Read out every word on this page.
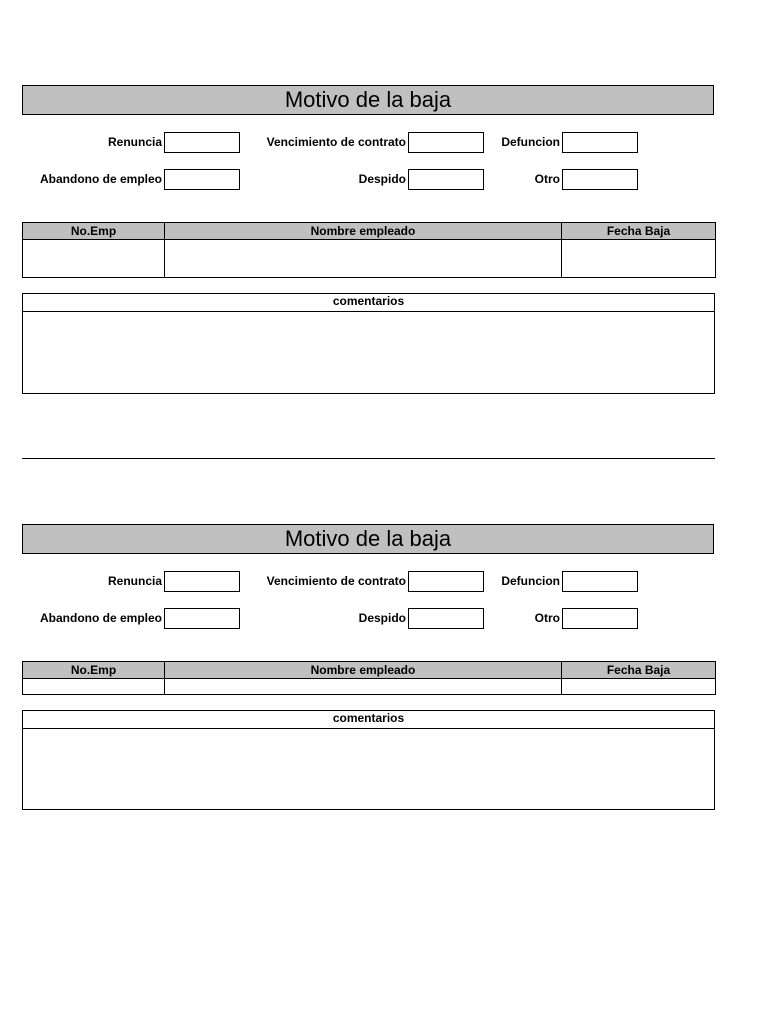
Motivo de la baja
Renuncia	Vencimiento de contrato	Defuncion
Abandono de empleo	Despido	Otro
No.Emp	Nombre empleado	Fecha Baja

comentarios
Motivo de la baja
Renuncia	Vencimiento de contrato	Defuncion
Abandono de empleo	Despido	Otro
No.Emp	Nombre empleado	Fecha Baja

comentarios
